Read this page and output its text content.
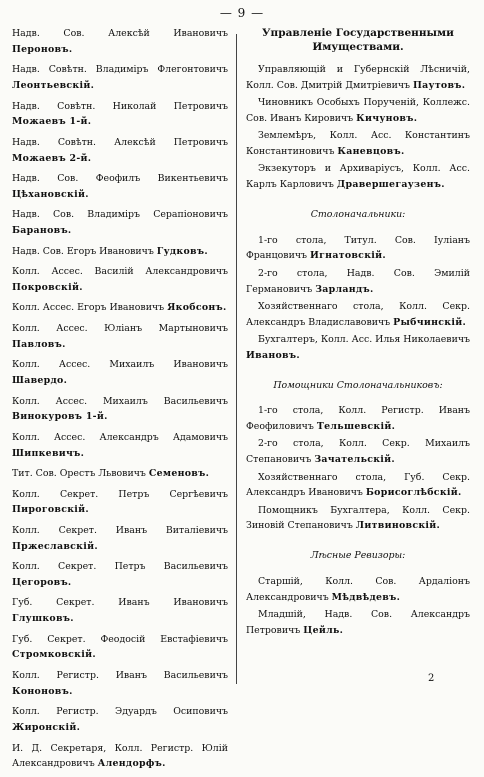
— 9 —

Надв. Сов. Алексѣй Ивановичъ Пероновъ.

Надв. Совѣтн. Владимiръ Флегонтовичъ Леонтьевскiй.

Надв. Совѣтн. Николай Петровичъ Можаевъ 1-й.

Надв. Совѣтн. Алексѣй Петровичъ Можаевъ 2-й.

Надв. Сов. Феофилъ Викентьевичъ Цѣхановскiй.

Надв. Сов. Владимiръ Серапiоновичъ Барановъ.

Надв. Сов. Егоръ Ивановичъ Гудковъ.

Колл. Ассес. Василiй Александровичъ Покровскiй.

Колл. Ассес. Егоръ Ивановичъ Якобсонъ.

Колл. Ассес. Юлiанъ Мартыновичъ Павловъ.

Колл. Ассес. Михаилъ Ивановичъ Шавердо.

Колл. Ассес. Михаилъ Васильевичъ Винокуровъ 1-й.

Колл. Ассес. Александръ Адамовичъ Шипкевичъ.

Тит. Сов. Орестъ Львовичъ Семеновъ.

Колл. Секрет. Петръ Сергѣевичъ Пироговскiй.

Колл. Секрет. Иванъ Виталiевичъ Пржеславскiй.

Колл. Секрет. Петръ Васильевичъ Цегоровъ.

Губ. Секрет. Иванъ Ивановичъ Глушковъ.

Губ. Секрет. Феодосiй Евстафiевичъ Стромковскiй.

Колл. Регистр. Иванъ Васильевичъ Кононовъ.

Колл. Регистр. Эдуардъ Осиповичъ Жиронскiй.

И. Д. Секретаря, Колл. Регистр. Юлiй Александровичъ Алендорфъ.

Управленiе Государственными Имуществами.

Управляющiй и Губернскiй Лѣсничiй, Колл. Сов. Дмитрiй Дмитрiевичъ Паутовъ.

Чиновникъ Особыхъ Порученiй, Коллежс. Сов. Иванъ Кировичъ Кичуновъ.

Землемѣръ, Колл. Асс. Константинъ Константиновичъ Каневцовъ.

Экзекуторъ и Архиварiусъ, Колл. Асс. Карлъ Карловичъ Дравершегаузенъ.

Столоначальники:

1-го стола, Титул. Сов. Iулiанъ Францовичъ Игнатовскiй.

2-го стола, Надв. Сов. Эмилiй Германовичъ Зарландъ.

Хозяйственнаго стола, Колл. Секр. Александръ Владиславовичъ Рыбчинскiй.

Бухгалтеръ, Колл. Асс. Илья Николаевичъ Ивановъ.

Помощники Столоначальниковъ:

1-го стола, Колл. Регистр. Иванъ Феофиловичъ Тельшевскiй.

2-го стола, Колл. Секр. Михаилъ Степановичъ Зачательскiй.

Хозяйственнаго стола, Губ. Секр. Александръ Ивановичъ Борисоглѣбскiй.

Помощникъ Бухгалтера, Колл. Секр. Зиновiй Степановичъ Литвиновскiй.

Лѣсные Ревизоры:

Старшiй, Колл. Сов. Ардалiонъ Александровичъ Мѣдвѣдевъ.

Младшiй, Надв. Сов. Александръ Петровичъ Цейль.

2
